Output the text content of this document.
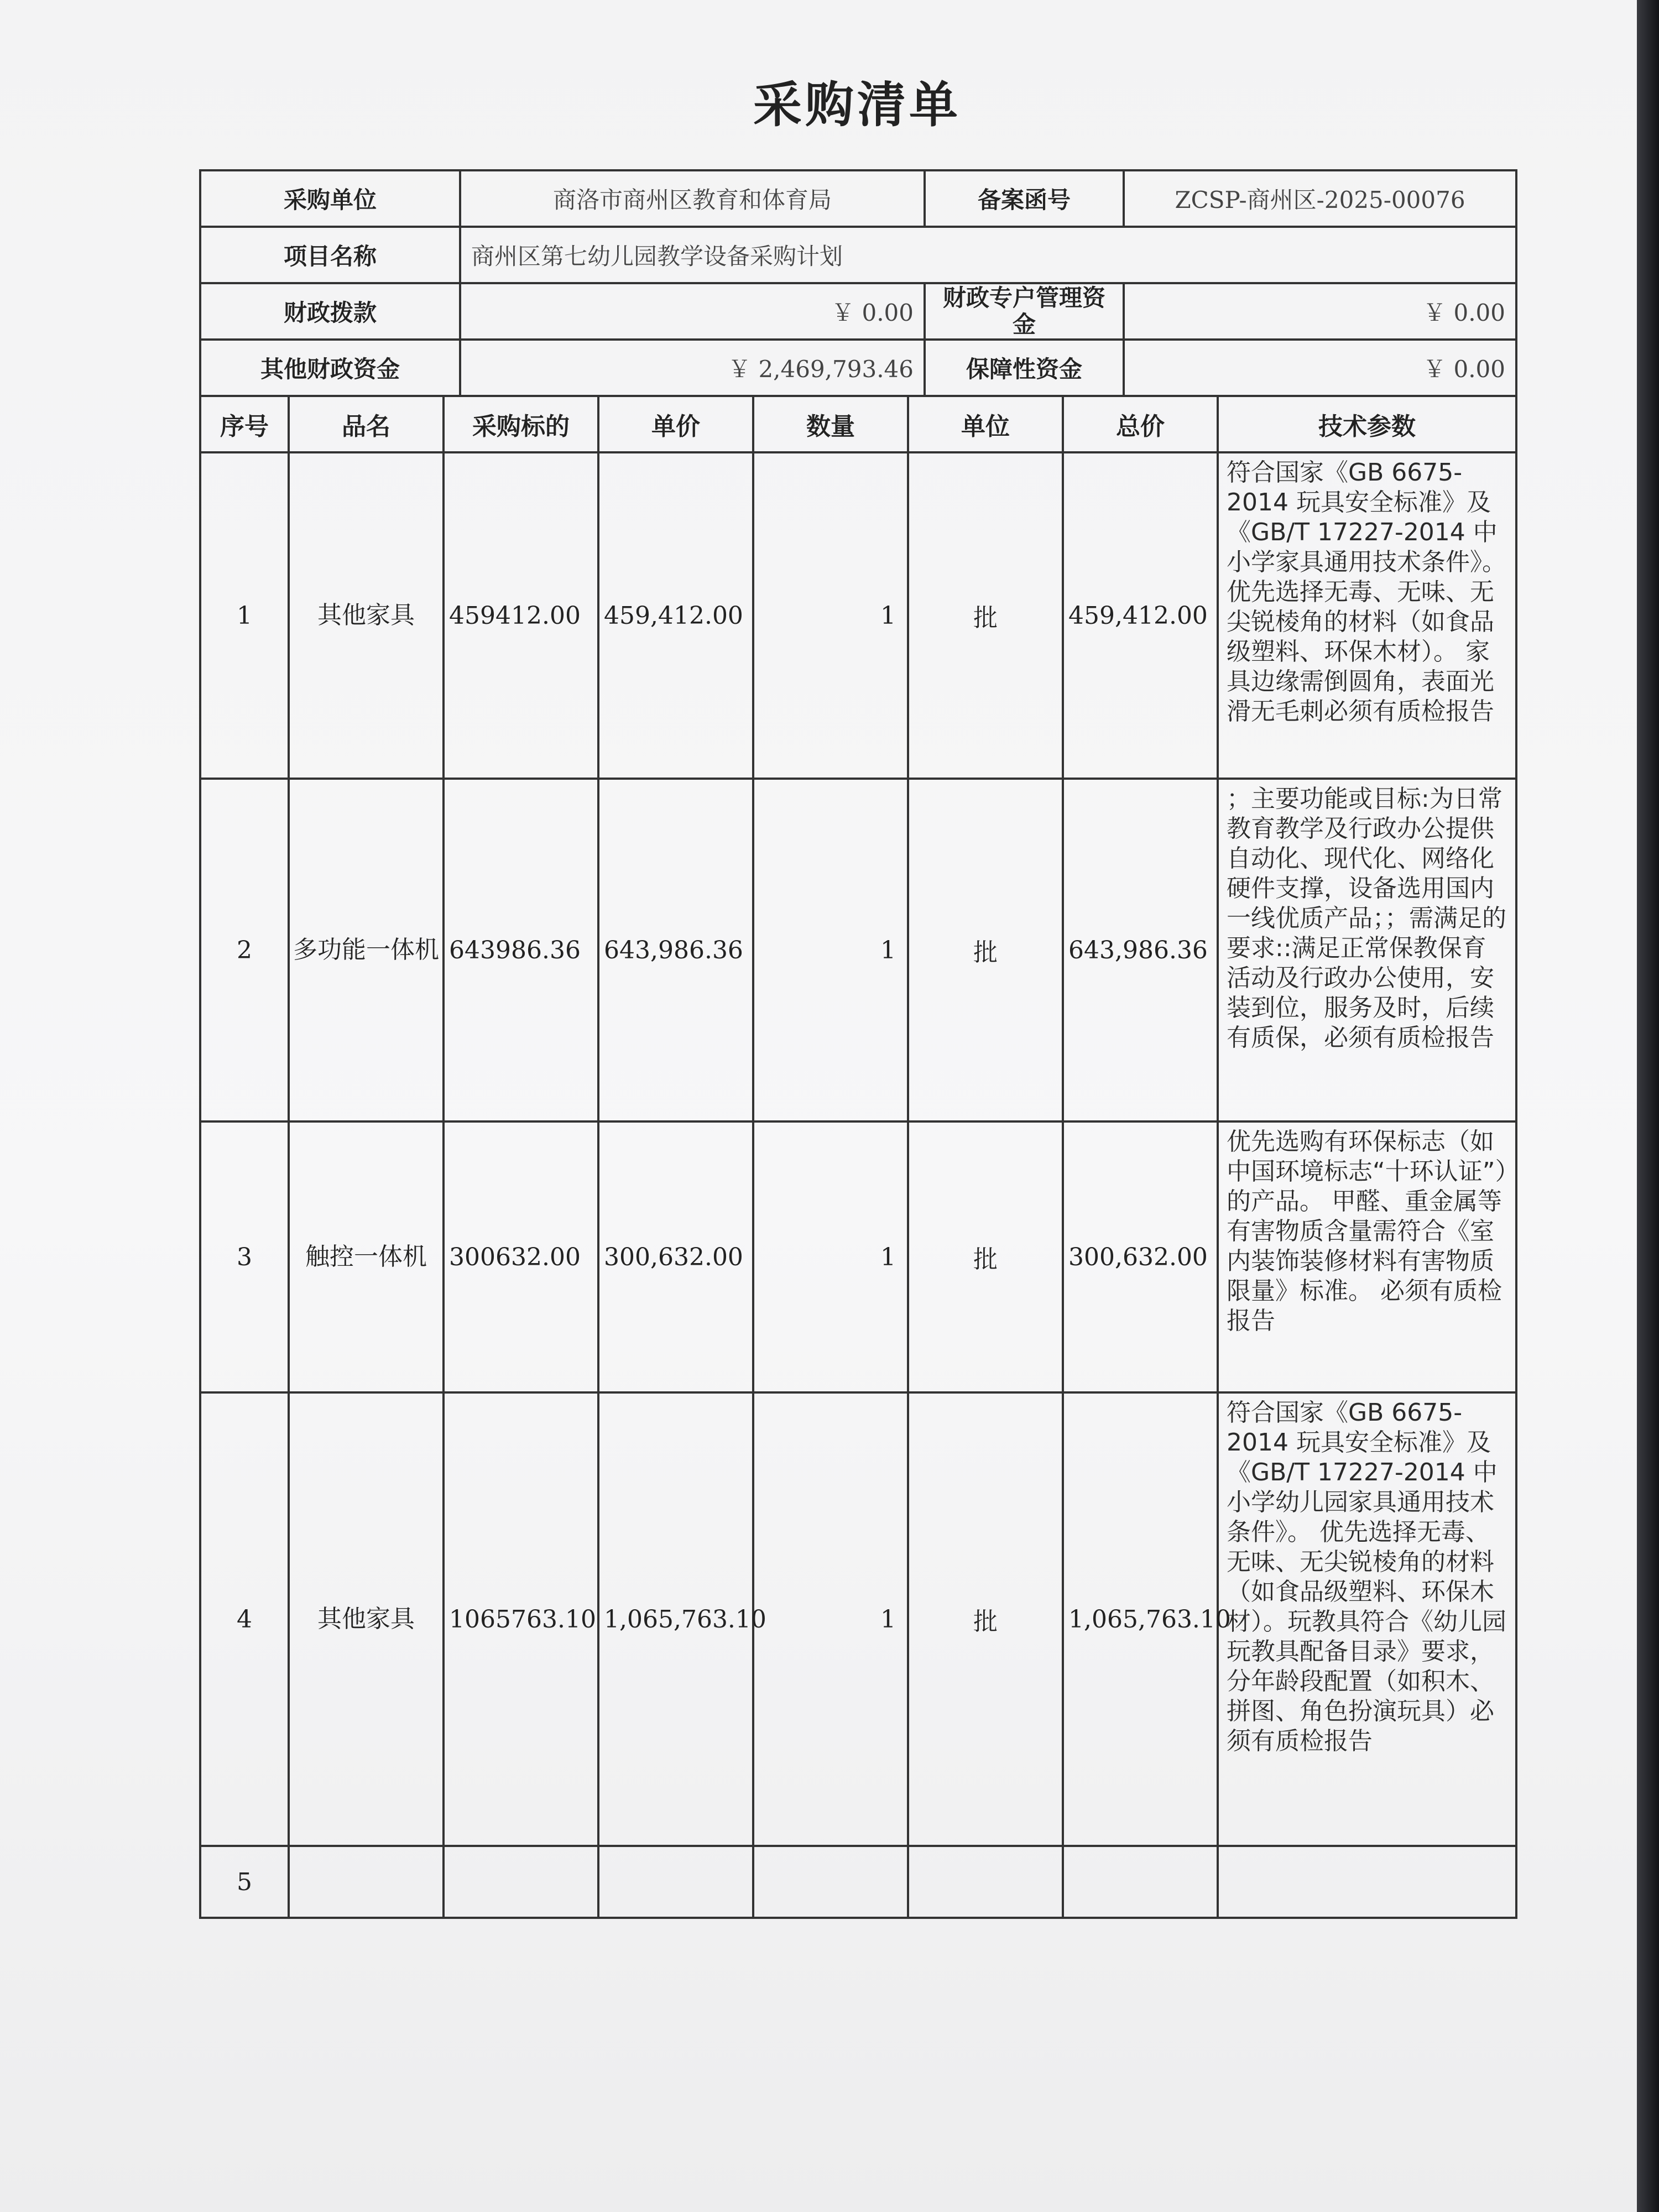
采购清单
采购单位	商洛市商州区教育和体育局	备案函号	ZCSP-商州区-2025-00076
项目名称	商州区第七幼儿园教学设备采购计划		
财政拨款	￥ 0.00	财政专户管理资金	￥ 0.00
其他财政资金	￥ 2,469,793.46	保障性资金	￥ 0.00
序号	品名	采购标的	单价	数量	单位	总价	技术参数
1	其他家具	459412.00	459,412.00	1	批	459,412.00	符合国家《GB 6675-2014 玩具安全标准》及《GB/T 17227-2014 中小学家具通用技术条件》。 优先选择无毒、无味、无尖锐棱角的材料（如食品级塑料、环保木材）。 家具边缘需倒圆角，表面光滑无毛刺必须有质检报告
2	多功能一体机	643986.36	643,986.36	1	批	643,986.36	；主要功能或目标:为日常教育教学及行政办公提供自动化、现代化、网络化硬件支撑，设备选用国内一线优质产品；；需满足的要求::满足正常保教保育活动及行政办公使用，安装到位，服务及时，后续有质保，必须有质检报告
3	触控一体机	300632.00	300,632.00	1	批	300,632.00	优先选购有环保标志（如中国环境标志“十环认证”）的产品。 甲醛、重金属等有害物质含量需符合《室内装饰装修材料有害物质限量》标准。 必须有质检报告
4	其他家具	1065763.10	1,065,763.10	1	批	1,065,763.10	符合国家《GB 6675-2014 玩具安全标准》及《GB/T 17227-2014 中小学幼儿园家具通用技术条件》。 优先选择无毒、无味、无尖锐棱角的材料（如食品级塑料、环保木材）。玩教具符合《幼儿园玩教具配备目录》要求，分年龄段配置（如积木、拼图、角色扮演玩具）必须有质检报告
5							
